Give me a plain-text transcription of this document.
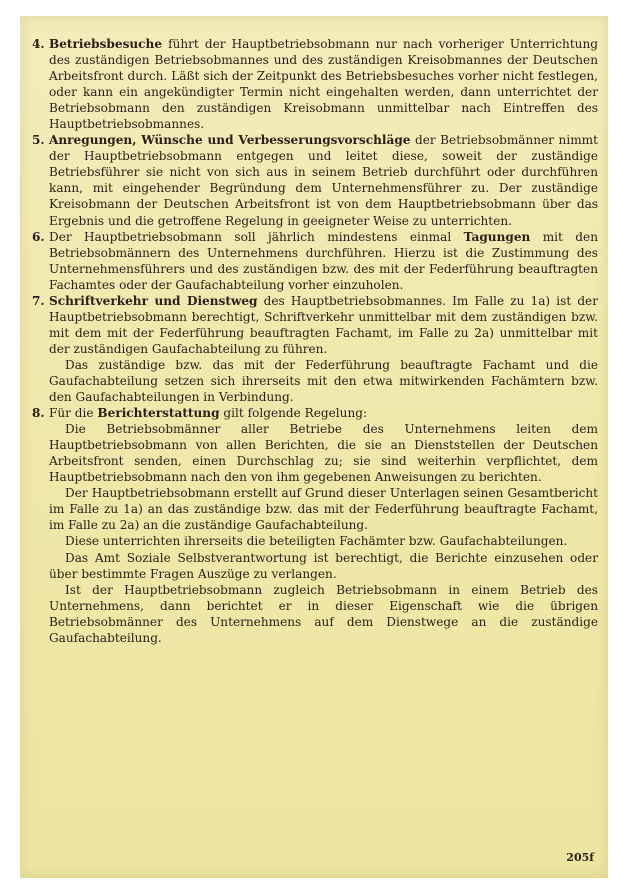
4. Betriebsbesuche führt der Hauptbetriebsobmann nur nach vorheriger Unterrichtung des zuständigen Betriebsobmannes und des zuständigen Kreisobmannes der Deutschen Arbeitsfront durch. Läßt sich der Zeitpunkt des Betriebsbesuches vorher nicht festlegen, oder kann ein angekündigter Termin nicht eingehalten werden, dann unterrichtet der Betriebsobmann den zuständigen Kreisobmann unmittelbar nach Eintreffen des Hauptbetriebsobmannes.

5. Anregungen, Wünsche und Verbesserungsvorschläge der Betriebsobmänner nimmt der Hauptbetriebsobmann entgegen und leitet diese, soweit der zuständige Betriebsführer sie nicht von sich aus in seinem Betrieb durchführt oder durchführen kann, mit eingehender Begründung dem Unternehmensführer zu. Der zuständige Kreisobmann der Deutschen Arbeitsfront ist von dem Hauptbetriebsobmann über das Ergebnis und die getroffene Regelung in geeigneter Weise zu unterrichten.

6. Der Hauptbetriebsobmann soll jährlich mindestens einmal Tagungen mit den Betriebsobmännern des Unternehmens durchführen. Hierzu ist die Zustimmung des Unternehmensführers und des zuständigen bzw. des mit der Federführung beauftragten Fachamtes oder der Gaufachabteilung vorher einzuholen.

7. Schriftverkehr und Dienstweg des Hauptbetriebsobmannes. Im Falle zu 1a) ist der Hauptbetriebsobmann berechtigt, Schriftverkehr unmittelbar mit dem zuständigen bzw. mit dem mit der Federführung beauftragten Fachamt, im Falle zu 2a) unmittelbar mit der zuständigen Gaufachabteilung zu führen.

Das zuständige bzw. das mit der Federführung beauftragte Fachamt und die Gaufachabteilung setzen sich ihrerseits mit den etwa mitwirkenden Fachämtern bzw. den Gaufachabteilungen in Verbindung.

8. Für die Berichterstattung gilt folgende Regelung:

Die Betriebsobmänner aller Betriebe des Unternehmens leiten dem Hauptbetriebsobmann von allen Berichten, die sie an Dienststellen der Deutschen Arbeitsfront senden, einen Durchschlag zu; sie sind weiterhin verpflichtet, dem Hauptbetriebsobmann nach den von ihm gegebenen Anweisungen zu berichten.

Der Hauptbetriebsobmann erstellt auf Grund dieser Unterlagen seinen Gesamtbericht im Falle zu 1a) an das zuständige bzw. das mit der Federführung beauftragte Fachamt, im Falle zu 2a) an die zuständige Gaufachabteilung.

Diese unterrichten ihrerseits die beteiligten Fachämter bzw. Gaufachabteilungen.

Das Amt Soziale Selbstverantwortung ist berechtigt, die Berichte einzusehen oder über bestimmte Fragen Auszüge zu verlangen.

Ist der Hauptbetriebsobmann zugleich Betriebsobmann in einem Betrieb des Unternehmens, dann berichtet er in dieser Eigenschaft wie die übrigen Betriebsobmänner des Unternehmens auf dem Dienstwege an die zuständige Gaufachabteilung.

205f
